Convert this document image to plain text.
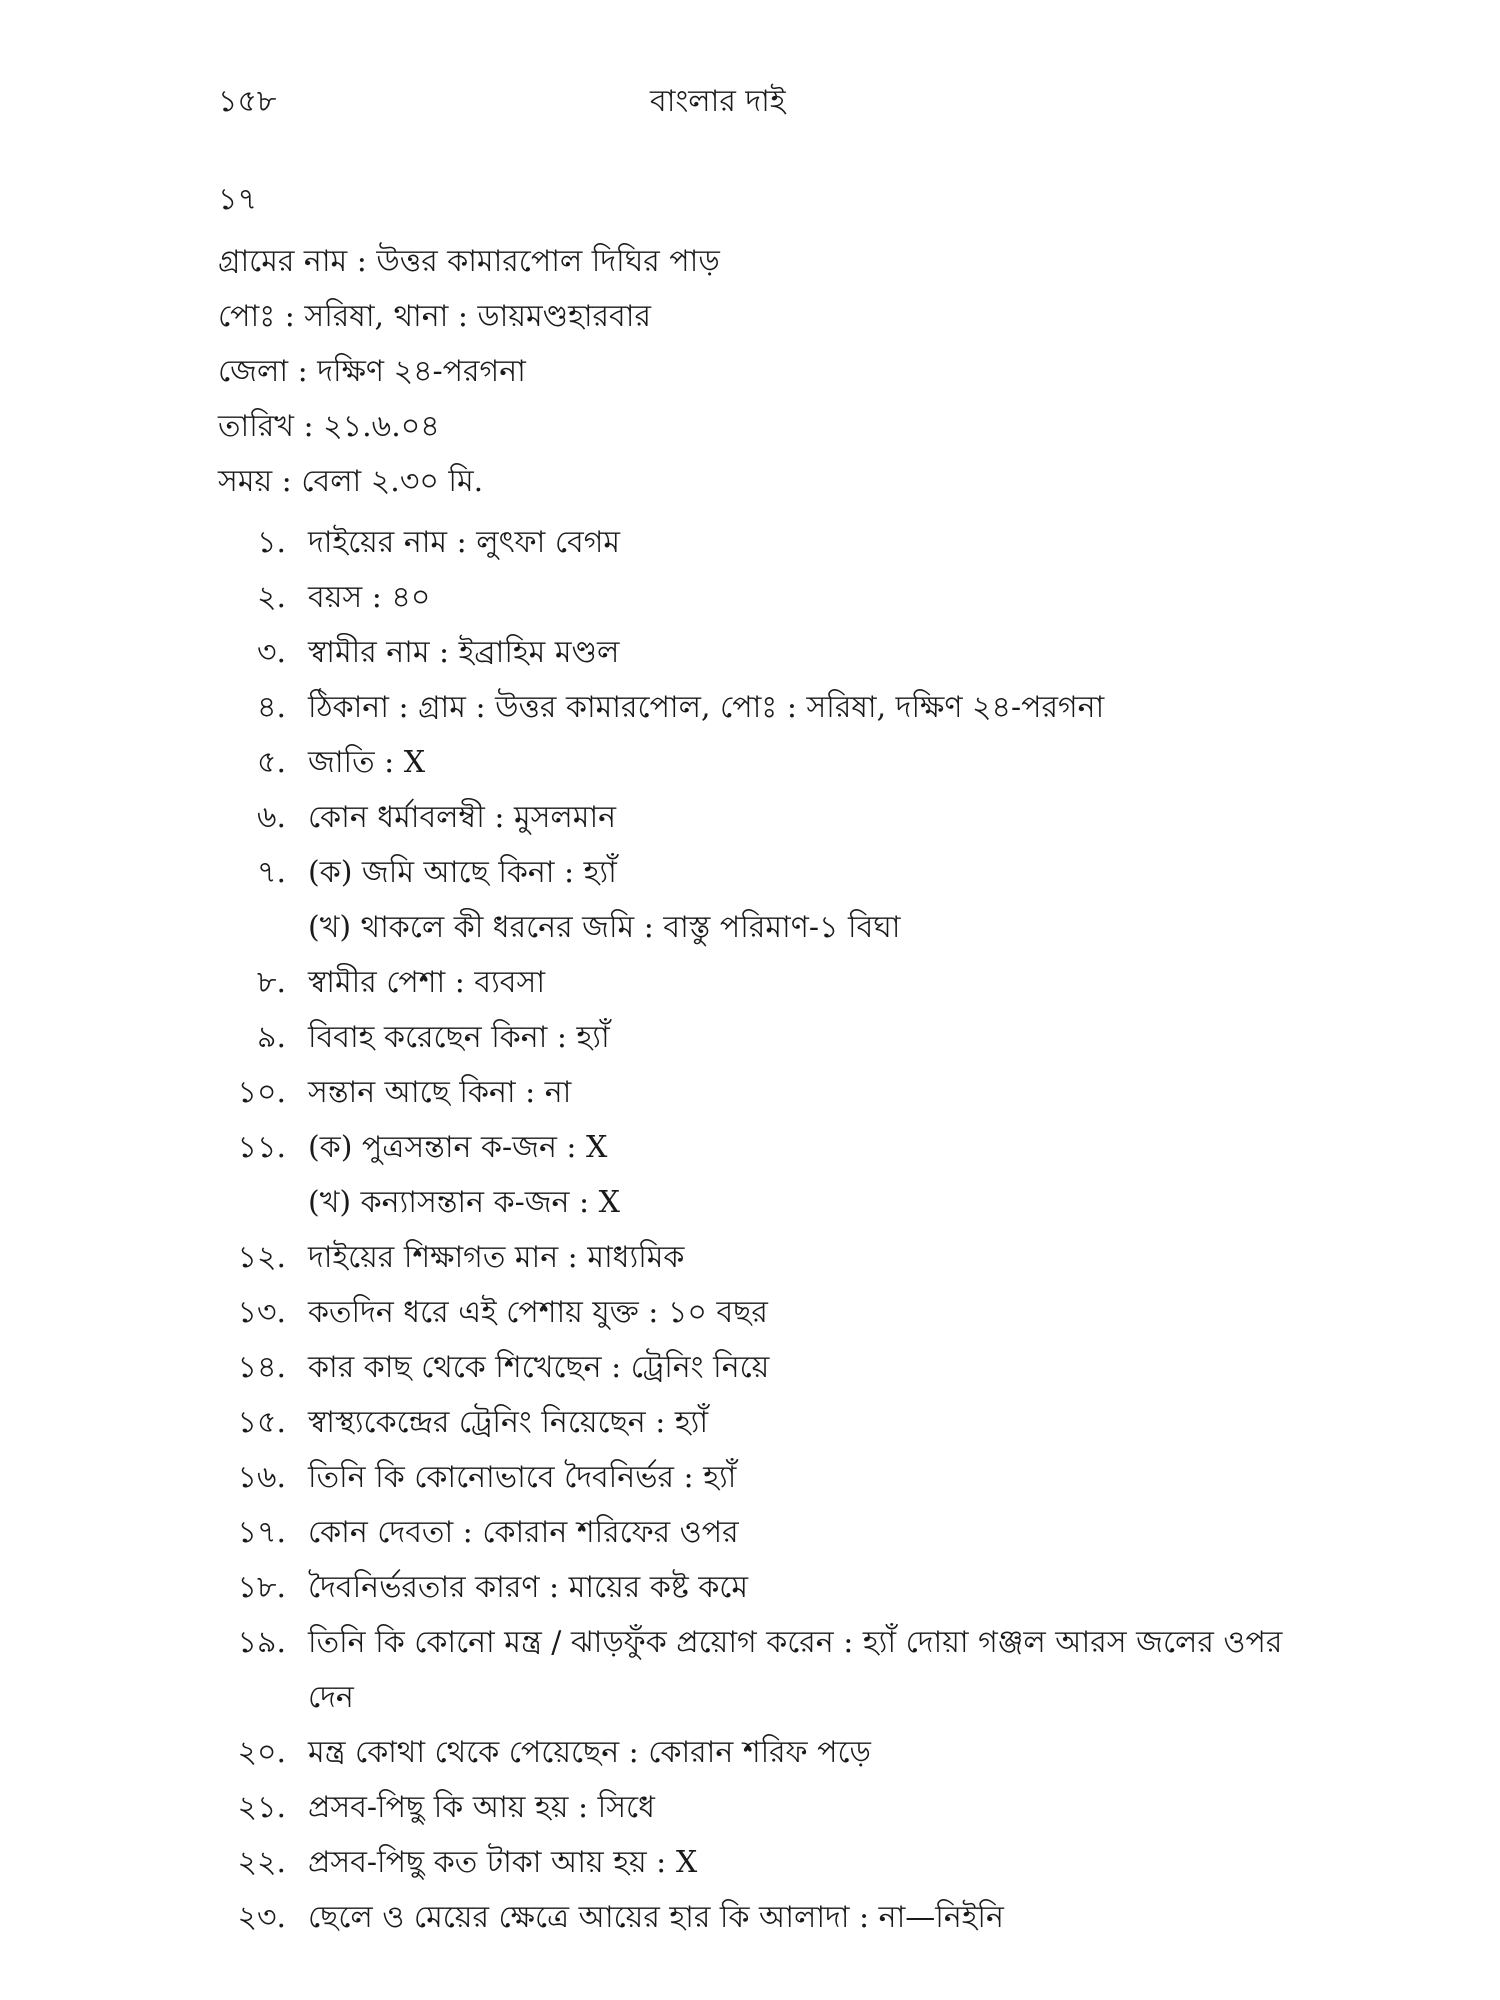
১৫৮	বাংলার দাই
১৭
গ্রামের নাম : উত্তর কামারপোল দিঘির পাড়
পোঃ : সরিষা, থানা : ডায়মণ্ডহারবার
জেলা : দক্ষিণ ২৪-পরগনা
তারিখ : ২১.৬.০৪
সময় : বেলা ২.৩০ মি.
১. দাইয়ের নাম : লুৎফা বেগম
২. বয়স : ৪০
৩. স্বামীর নাম : ইব্রাহিম মণ্ডল
৪. ঠিকানা : গ্রাম : উত্তর কামারপোল, পোঃ : সরিষা, দক্ষিণ ২৪-পরগনা
৫. জাতি : X
৬. কোন ধর্মাবলম্বী : মুসলমান
৭. (ক) জমি আছে কিনা : হ্যাঁ
(খ) থাকলে কী ধরনের জমি : বাস্তু পরিমাণ-১ বিঘা
৮. স্বামীর পেশা : ব্যবসা
৯. বিবাহ করেছেন কিনা : হ্যাঁ
১০. সন্তান আছে কিনা : না
১১. (ক) পুত্রসন্তান ক-জন : X
(খ) কন্যাসন্তান ক-জন : X
১২. দাইয়ের শিক্ষাগত মান : মাধ্যমিক
১৩. কতদিন ধরে এই পেশায় যুক্ত : ১০ বছর
১৪. কার কাছ থেকে শিখেছেন : ট্রেনিং নিয়ে
১৫. স্বাস্থ্যকেন্দ্রের ট্রেনিং নিয়েছেন : হ্যাঁ
১৬. তিনি কি কোনোভাবে দৈবনির্ভর : হ্যাঁ
১৭. কোন দেবতা : কোরান শরিফের ওপর
১৮. দৈবনির্ভরতার কারণ : মায়ের কষ্ট কমে
১৯. তিনি কি কোনো মন্ত্র / ঝাড়ফুঁক প্রয়োগ করেন : হ্যাঁ দোয়া গঞ্জল আরস জলের ওপর দেন
২০. মন্ত্র কোথা থেকে পেয়েছেন : কোরান শরিফ পড়ে
২১. প্রসব-পিছু কি আয় হয় : সিধে
২২. প্রসব-পিছু কত টাকা আয় হয় : X
২৩. ছেলে ও মেয়ের ক্ষেত্রে আয়ের হার কি আলাদা : না—নিইনি
